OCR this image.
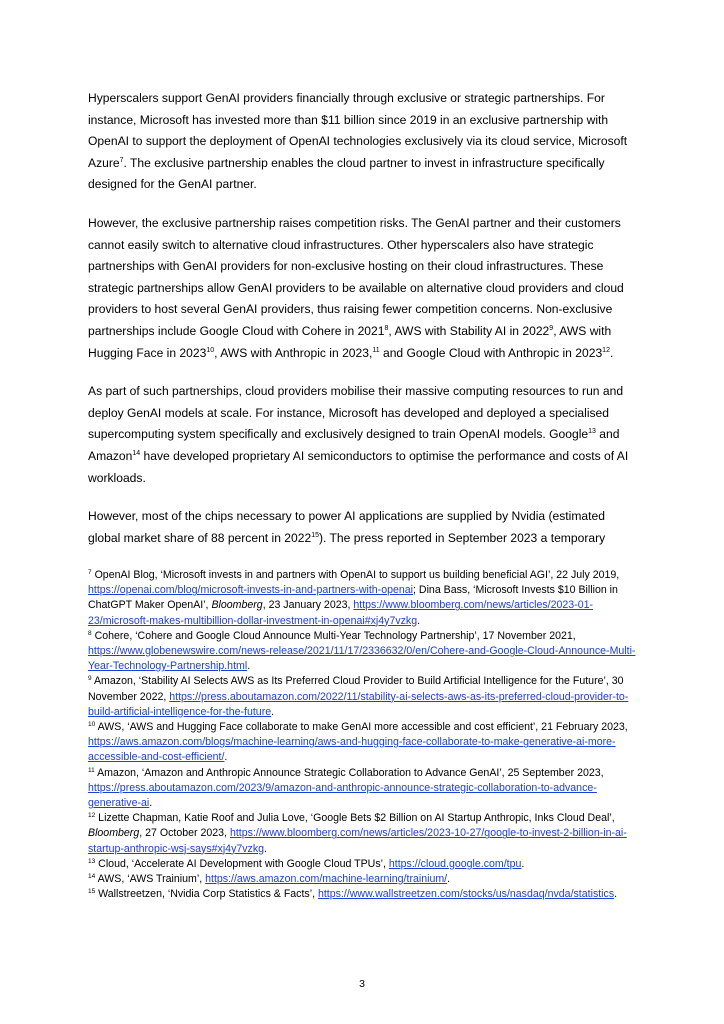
Hyperscalers support GenAI providers financially through exclusive or strategic partnerships. For instance, Microsoft has invested more than $11 billion since 2019 in an exclusive partnership with OpenAI to support the deployment of OpenAI technologies exclusively via its cloud service, Microsoft Azure$^7$. The exclusive partnership enables the cloud partner to invest in infrastructure specifically designed for the GenAI partner.

However, the exclusive partnership raises competition risks. The GenAI partner and their customers cannot easily switch to alternative cloud infrastructures. Other hyperscalers also have strategic partnerships with GenAI providers for non-exclusive hosting on their cloud infrastructures. These strategic partnerships allow GenAI providers to be available on alternative cloud providers and cloud providers to host several GenAI providers, thus raising fewer competition concerns. Non-exclusive partnerships include Google Cloud with Cohere in 2021$^8$, AWS with Stability AI in 2022$^9$, AWS with Hugging Face in 2023$^{10}$, AWS with Anthropic in 2023,11 and Google Cloud with Anthropic in 2023$^{12}$.

As part of such partnerships, cloud providers mobilise their massive computing resources to run and deploy GenAI models at scale. For instance, Microsoft has developed and deployed a specialised supercomputing system specifically and exclusively designed to train OpenAI models. Google$^{13}$ and Amazon$^{14}$ have developed proprietary AI semiconductors to optimise the performance and costs of AI workloads.

However, most of the chips necessary to power AI applications are supplied by Nvidia (estimated global market share of 88 percent in 2022$^{15}$). The press reported in September 2023 a temporary

$^7$ OpenAI Blog, ‘Microsoft invests in and partners with OpenAI to support us building beneficial AGI’, 22 July 2019, https://openai.com/blog/microsoft-invests-in-and-partners-with-openai; Dina Bass, ‘Microsoft Invests $10 Billion in ChatGPT Maker OpenAI’, Bloomberg, 23 January 2023, https://www.bloomberg.com/news/articles/2023-01-23/microsoft-makes-multibillion-dollar-investment-in-openai#xj4y7vzkg.

$^8$ Cohere, ‘Cohere and Google Cloud Announce Multi-Year Technology Partnership’, 17 November 2021, https://www.globenewswire.com/news-release/2021/11/17/2336632/0/en/Cohere-and-Google-Cloud-Announce-Multi-Year-Technology-Partnership.html.

$^9$ Amazon, ‘Stability AI Selects AWS as Its Preferred Cloud Provider to Build Artificial Intelligence for the Future’, 30 November 2022, https://press.aboutamazon.com/2022/11/stability-ai-selects-aws-as-its-preferred-cloud-provider-to-build-artificial-intelligence-for-the-future.

$^{10}$ AWS, ‘AWS and Hugging Face collaborate to make GenAI more accessible and cost efficient’, 21 February 2023, https://aws.amazon.com/blogs/machine-learning/aws-and-hugging-face-collaborate-to-make-generative-ai-more-accessible-and-cost-efficient/.

$^{11}$ Amazon, ‘Amazon and Anthropic Announce Strategic Collaboration to Advance GenAI’, 25 September 2023, https://press.aboutamazon.com/2023/9/amazon-and-anthropic-announce-strategic-collaboration-to-advance-generative-ai.

$^{12}$ Lizette Chapman, Katie Roof and Julia Love, ‘Google Bets $2 Billion on AI Startup Anthropic, Inks Cloud Deal’, Bloomberg, 27 October 2023, https://www.bloomberg.com/news/articles/2023-10-27/google-to-invest-2-billion-in-ai-startup-anthropic-wsj-says#xj4y7vzkg.

$^{13}$ Cloud, ‘Accelerate AI Development with Google Cloud TPUs’, https://cloud.google.com/tpu.

$^{14}$ AWS, ‘AWS Trainium’, https://aws.amazon.com/machine-learning/trainium/.

$^{15}$ Wallstreetzen, ‘Nvidia Corp Statistics & Facts’, https://www.wallstreetzen.com/stocks/us/nasdaq/nvda/statistics.

3
